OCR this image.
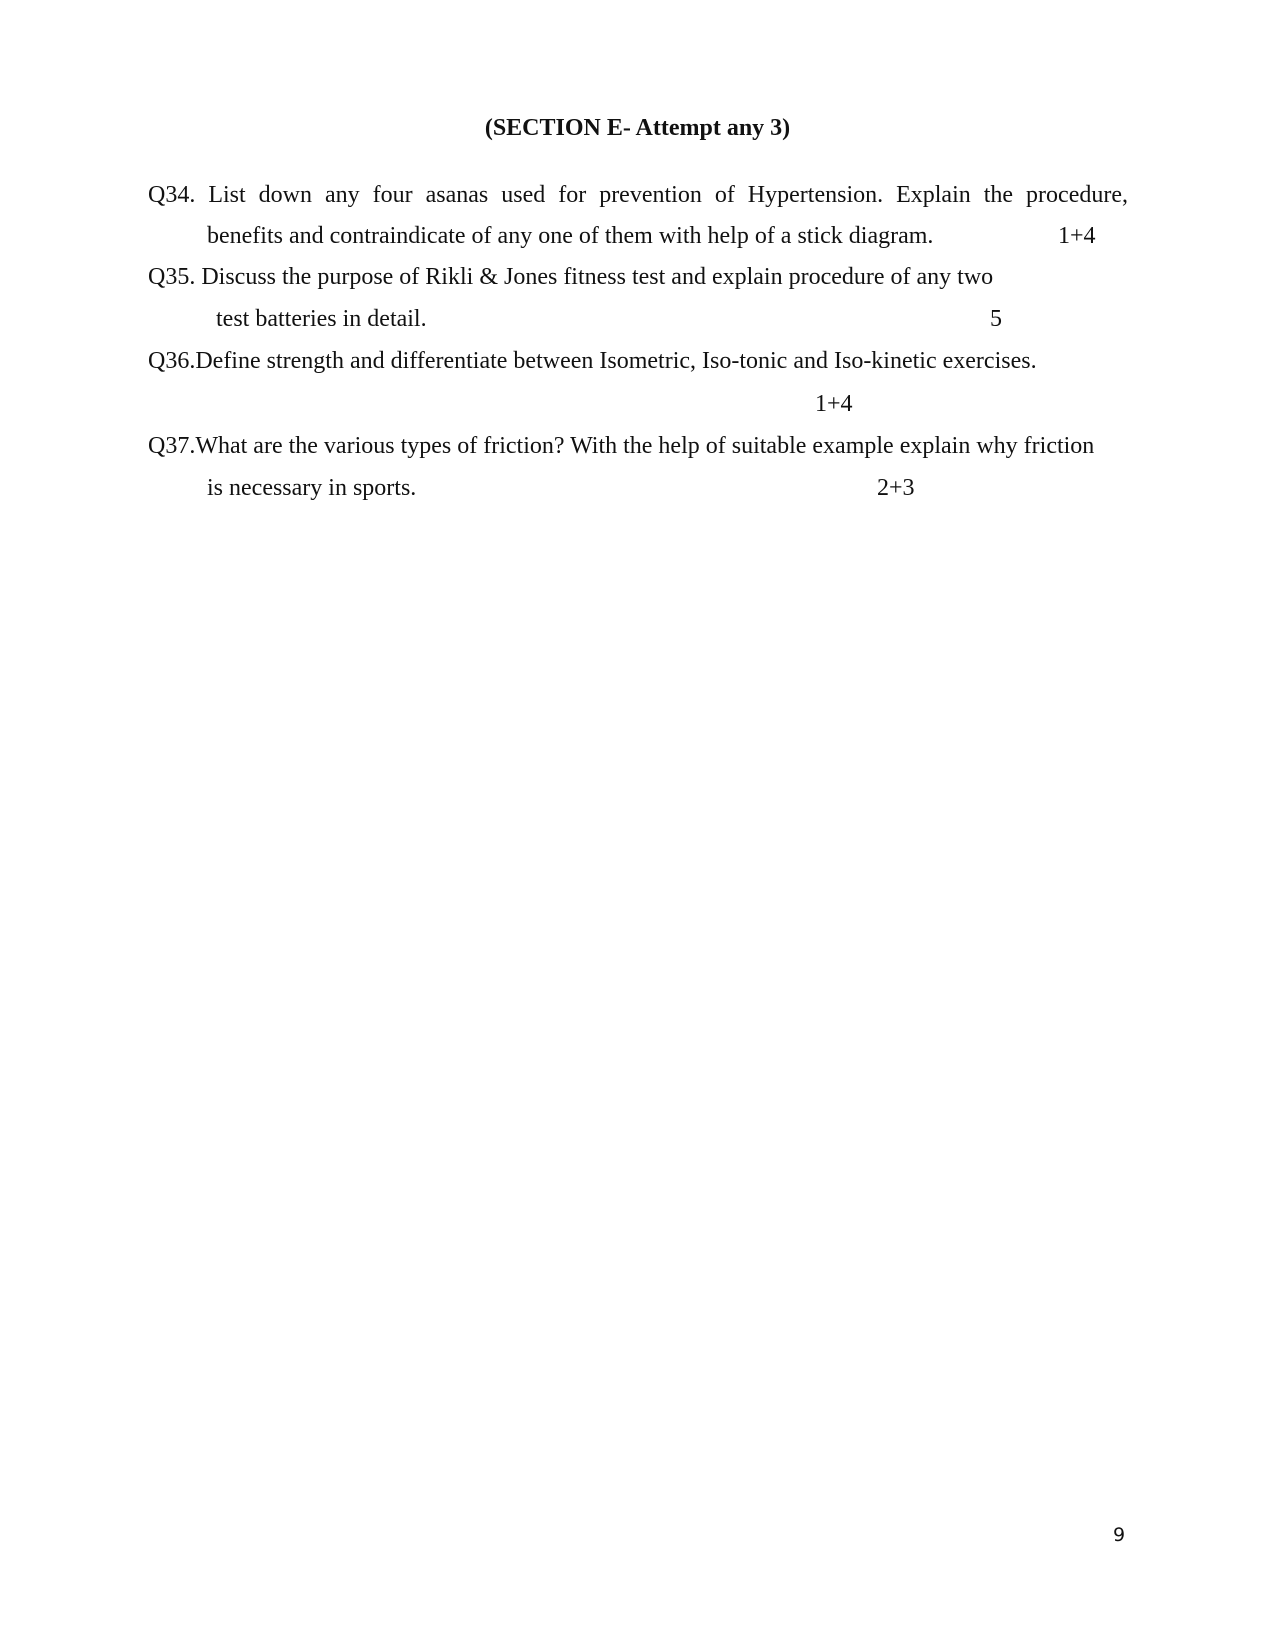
(SECTION E- Attempt any 3)
Q34. List down any four asanas used for prevention of Hypertension. Explain the procedure,
benefits and contraindicate of any one of them with help of a stick diagram.	1+4
Q35. Discuss the purpose of Rikli & Jones fitness test and explain procedure of any two
test batteries in detail.	5
Q36.Define strength and differentiate between Isometric, Iso-tonic and Iso-kinetic exercises.
1+4
Q37.What are the various types of friction? With the help of suitable example explain why friction
is necessary in sports.	2+3
9
